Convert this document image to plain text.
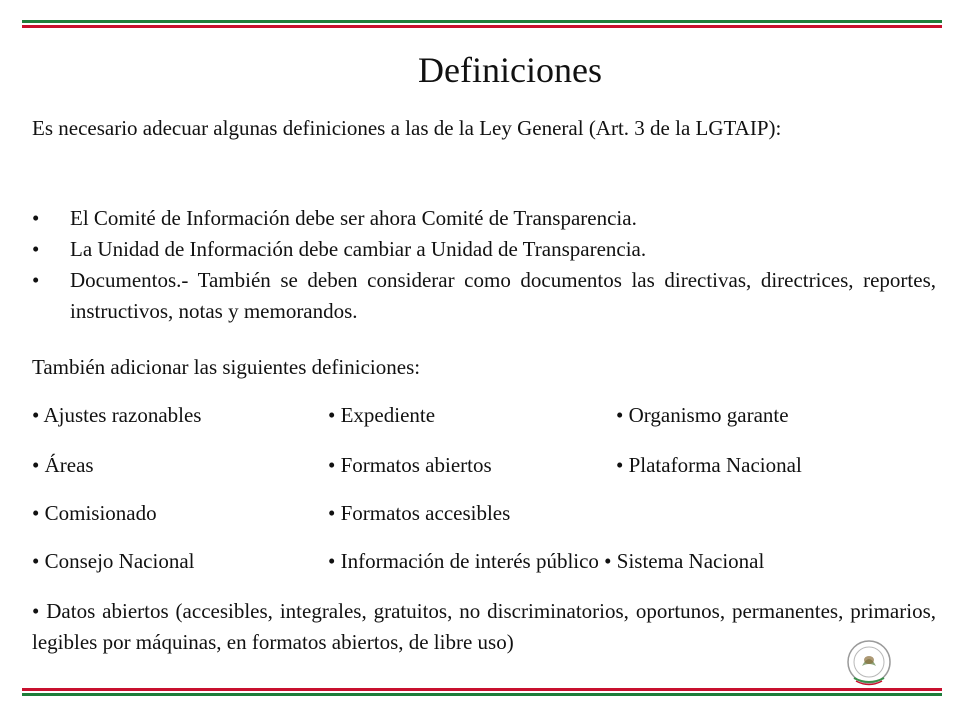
Definiciones
Es necesario adecuar algunas definiciones a las de la Ley General (Art. 3 de la LGTAIP):
• El Comité de Información debe ser ahora Comité de Transparencia.
• La Unidad de Información debe cambiar a Unidad de Transparencia.
• Documentos.- También se deben considerar como documentos las directivas, directrices, reportes, instructivos, notas y memorandos.
También adicionar las siguientes definiciones:
• Ajustes razonables	• Expediente	• Organismo garante
• Áreas	• Formatos abiertos	• Plataforma Nacional
• Comisionado	• Formatos accesibles
• Consejo Nacional	• Información de interés público • Sistema Nacional
• Datos abiertos (accesibles, integrales, gratuitos, no discriminatorios, oportunos, permanentes, primarios, legibles por máquinas, en formatos abiertos, de libre uso)
